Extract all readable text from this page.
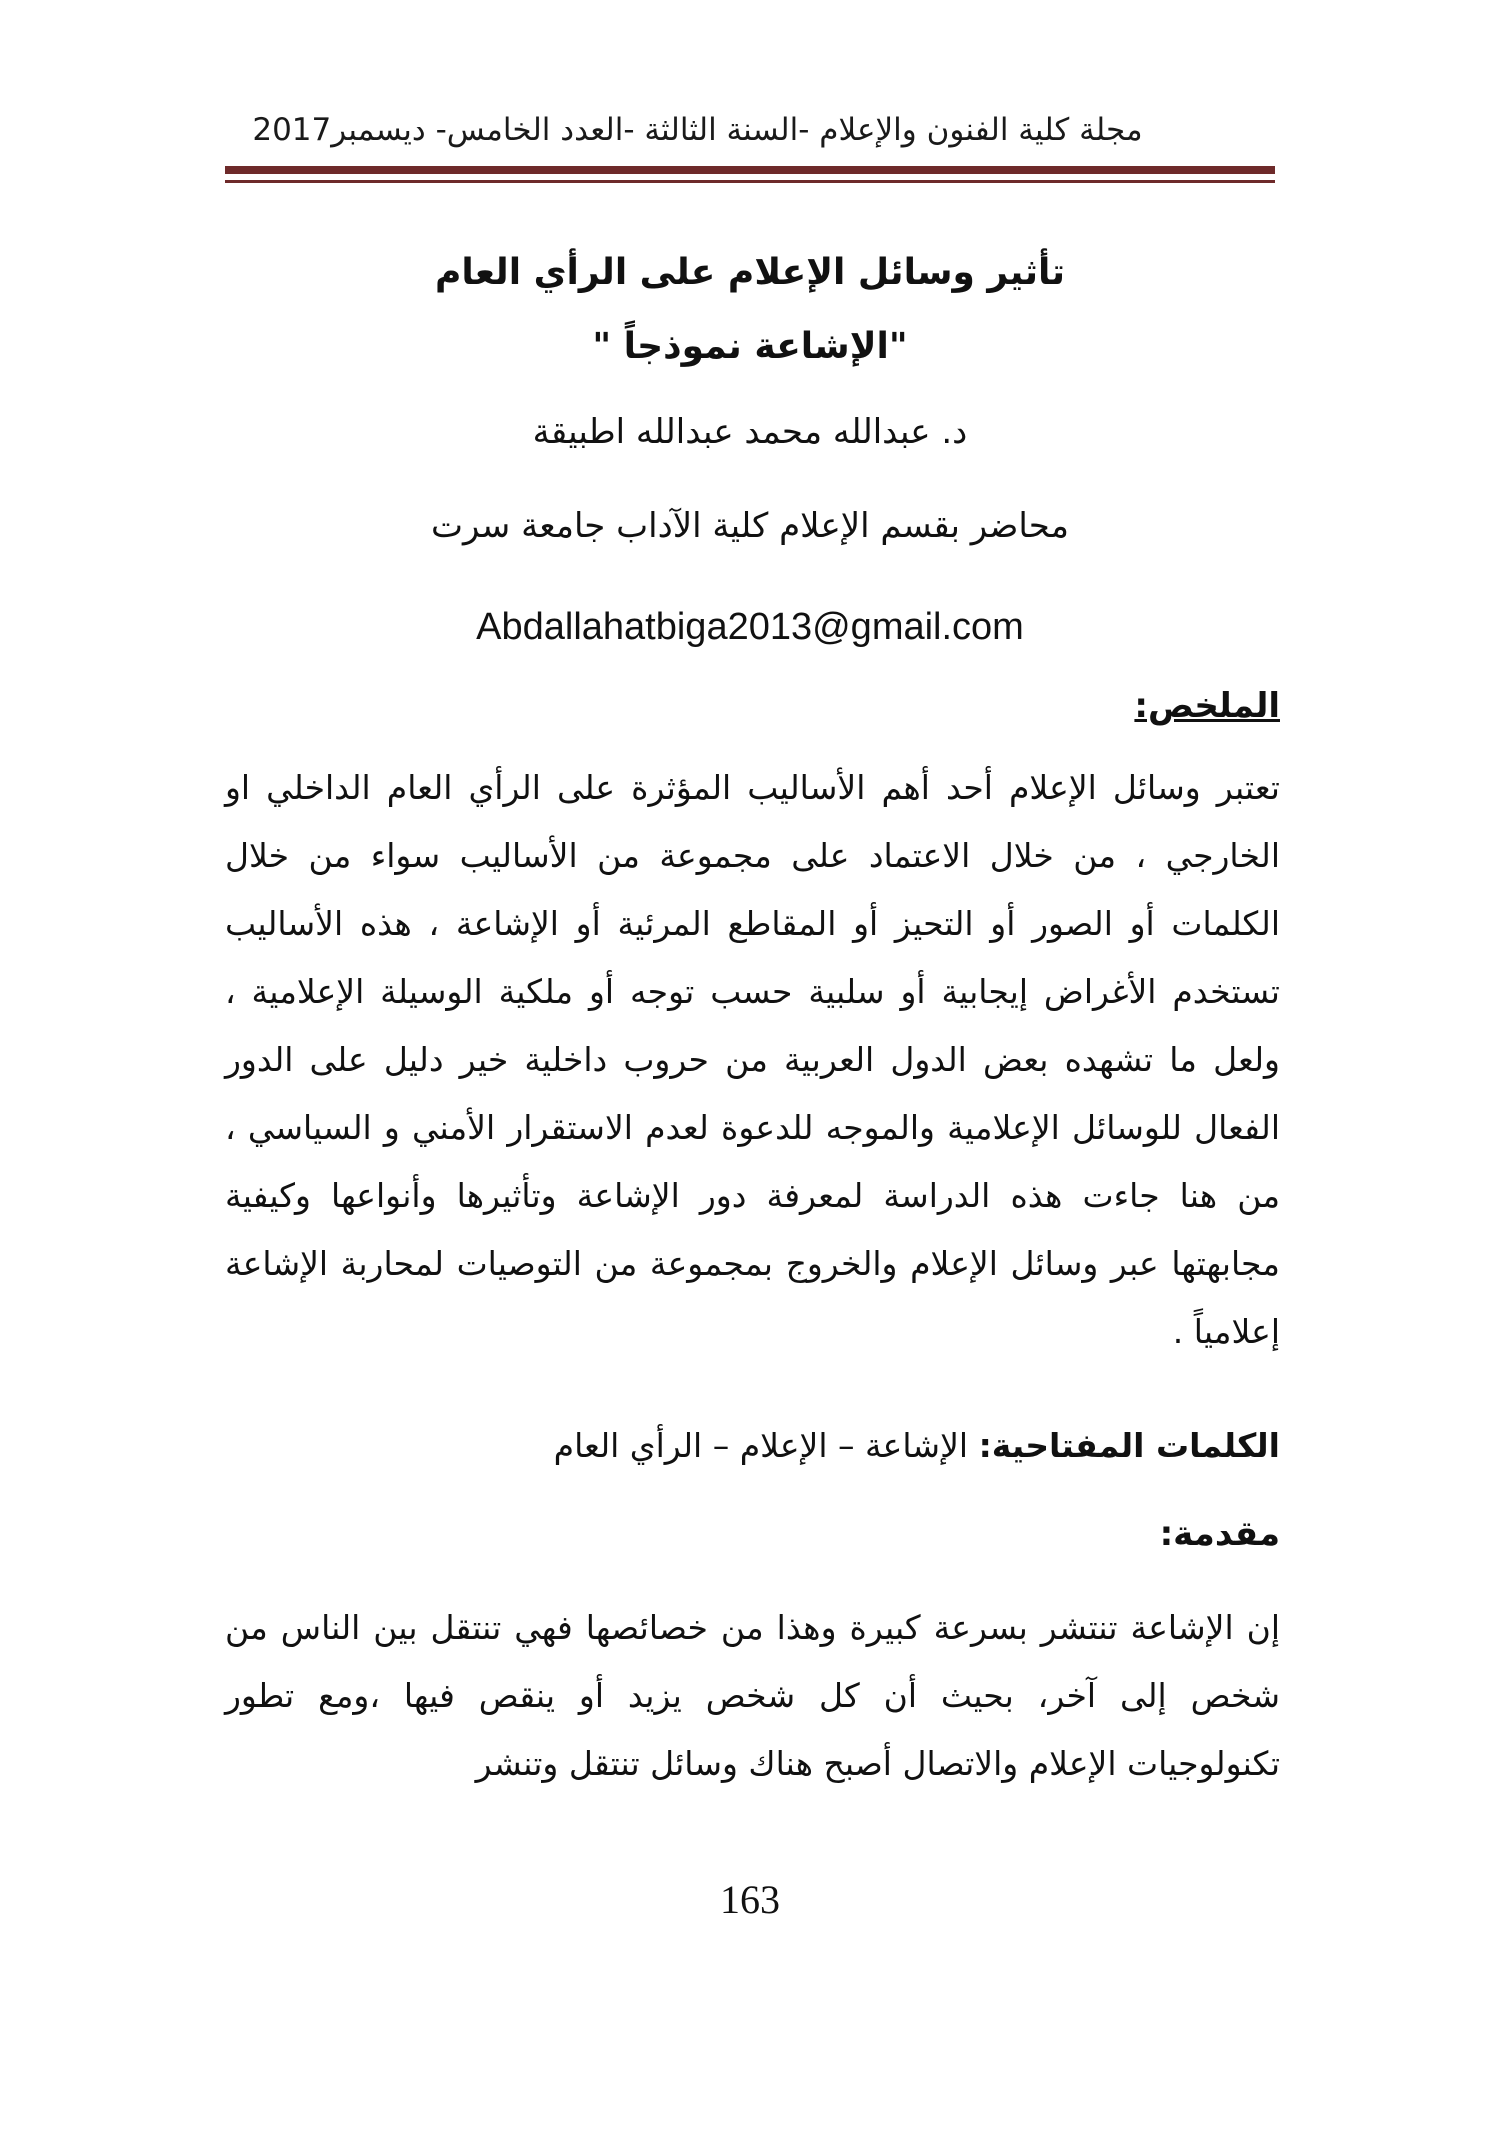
مجلة كلية الفنون والإعلام -السنة الثالثة -العدد الخامس- ديسمبر2017
تأثير وسائل الإعلام على الرأي العام
"الإشاعة نموذجاً "
د. عبدالله محمد عبدالله اطبيقة
محاضر بقسم الإعلام كلية الآداب جامعة سرت
Abdallahatbiga2013@gmail.com
الملخص:
تعتبر وسائل الإعلام أحد أهم الأساليب المؤثرة على الرأي العام الداخلي او الخارجي ، من خلال الاعتماد على مجموعة من الأساليب سواء من خلال الكلمات أو الصور أو التحيز أو المقاطع المرئية أو الإشاعة ، هذه الأساليب تستخدم الأغراض إيجابية أو سلبية حسب توجه أو ملكية الوسيلة الإعلامية ، ولعل ما تشهده بعض الدول العربية من حروب داخلية خير دليل على الدور الفعال للوسائل الإعلامية والموجه للدعوة لعدم الاستقرار الأمني و السياسي ، من هنا جاءت هذه الدراسة لمعرفة دور الإشاعة وتأثيرها وأنواعها وكيفية مجابهتها عبر وسائل الإعلام والخروج بمجموعة من التوصيات لمحاربة الإشاعة إعلامياً .
الكلمات المفتاحية: الإشاعة – الإعلام – الرأي العام
مقدمة:
إن الإشاعة تنتشر بسرعة كبيرة وهذا من خصائصها فهي تنتقل بين الناس من شخص إلى آخر، بحيث أن كل شخص يزيد أو ينقص فيها ،ومع تطور تكنولوجيات الإعلام والاتصال أصبح هناك وسائل تنتقل وتنشر
163
